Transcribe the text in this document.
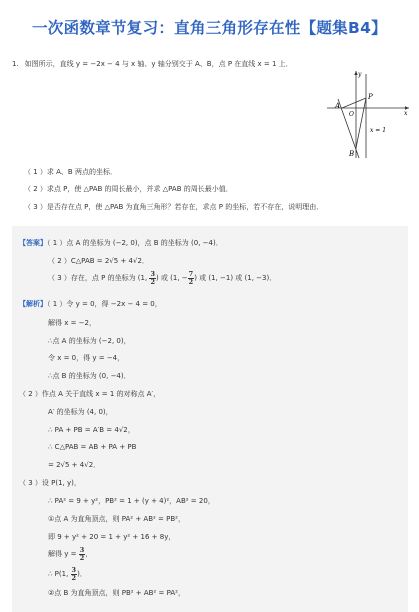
一次函数章节复习：直角三角形存在性【题集B4】
1. 如图所示，直线 y = −2x − 4 与 x 轴、y 轴分别交于 A、B，点 P 在直线 x = 1 上．
y
x
A
O
P
B
x = 1
（ 1 ）求 A、B 两点的坐标．
（ 2 ）求点 P，使 △PAB 的周长最小，并求 △PAB 的周长最小值．
（ 3 ）是否存在点 P，使 △PAB 为直角三角形？若存在，求点 P 的坐标，若不存在，说明理由．
【答案】（ 1 ）点 A 的坐标为 (−2, 0)，点 B 的坐标为 (0, −4)．
（ 2 ）C△PAB = 2√5 + 4√2．
（ 3 ）存在，点 P 的坐标为 (1, $\frac{3}{2}$ ) 或 (1, − $\frac{7}{2}$ ) 或 (1, −1) 或 (1, −3)．
【解析】（ 1 ）令 y = 0，得 −2x − 4 = 0，
解得 x = −2，
∴点 A 的坐标为 (−2, 0)，
令 x = 0，得 y = −4，
∴点 B 的坐标为 (0, −4)．
（ 2 ）作点 A 关于直线 x = 1 的对称点 A′，
A′ 的坐标为 (4, 0)，
∴ PA + PB = A′B = 4√2，
∴ C△PAB = AB + PA + PB
= 2√5 + 4√2．
（ 3 ）设 P(1, y)，
∴ PA² = 9 + y²，PB² = 1 + (y + 4)²，AB² = 20，
①点 A 为直角顶点，则 PA² + AB² = PB²，
即 9 + y² + 20 = 1 + y² + 16 + 8y，
解得 $y = \frac{3}{2}$ ，
∴ P(1, $\frac{3}{2}$ )．
②点 B 为直角顶点，则 PB² + AB² = PA²，
